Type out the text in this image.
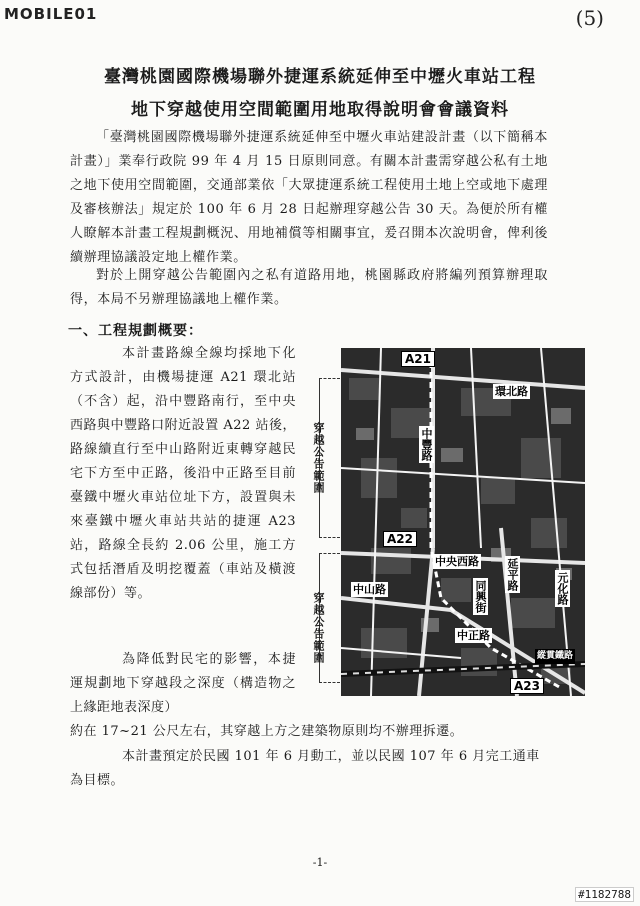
MOBILE01	(5)
臺灣桃園國際機場聯外捷運系統延伸至中壢火車站工程
地下穿越使用空間範圍用地取得說明會會議資料
「臺灣桃園國際機場聯外捷運系統延伸至中壢火車站建設計畫（以下簡稱本計畫）」業奉行政院 99 年 4 月 15 日原則同意。有關本計畫需穿越公私有土地之地下使用空間範圍，交通部業依「大眾捷運系統工程使用土地上空或地下處理及審核辦法」規定於 100 年 6 月 28 日起辦理穿越公告 30 天。為便於所有權人瞭解本計畫工程規劃概況、用地補償等相關事宜，爰召開本次說明會，俾利後續辦理協議設定地上權作業。
對於上開穿越公告範圍內之私有道路用地，桃園縣政府將編列預算辦理取得，本局不另辦理協議地上權作業。
一、工程規劃概要：
本計畫路線全線均採地下化方式設計，由機場捷運 A21 環北站（不含）起，沿中豐路南行，至中央西路與中豐路口附近設置 A22 站後，路線續直行至中山路附近東轉穿越民宅下方至中正路，後沿中正路至目前臺鐵中壢火車站位址下方，設置與未來臺鐵中壢火車站共站的捷運 A23 站，路線全長約 2.06 公里，施工方式包括潛盾及明挖覆蓋（車站及橫渡線部份）等。
穿越公告範圍
穿越公告範圍
A21
A22
A23
環北路
中豐路
中央西路
中山路
中正路
延平路	元化路
同興街
縱貫鐵路
為降低對民宅的影響，本捷運規劃地下穿越段之深度（構造物之上緣距地表深度）
約在 17~21 公尺左右，其穿越上方之建築物原則均不辦理拆遷。
本計畫預定於民國 101 年 6 月動工，並以民國 107 年 6 月完工通車為目標。
-1-
#1182788
